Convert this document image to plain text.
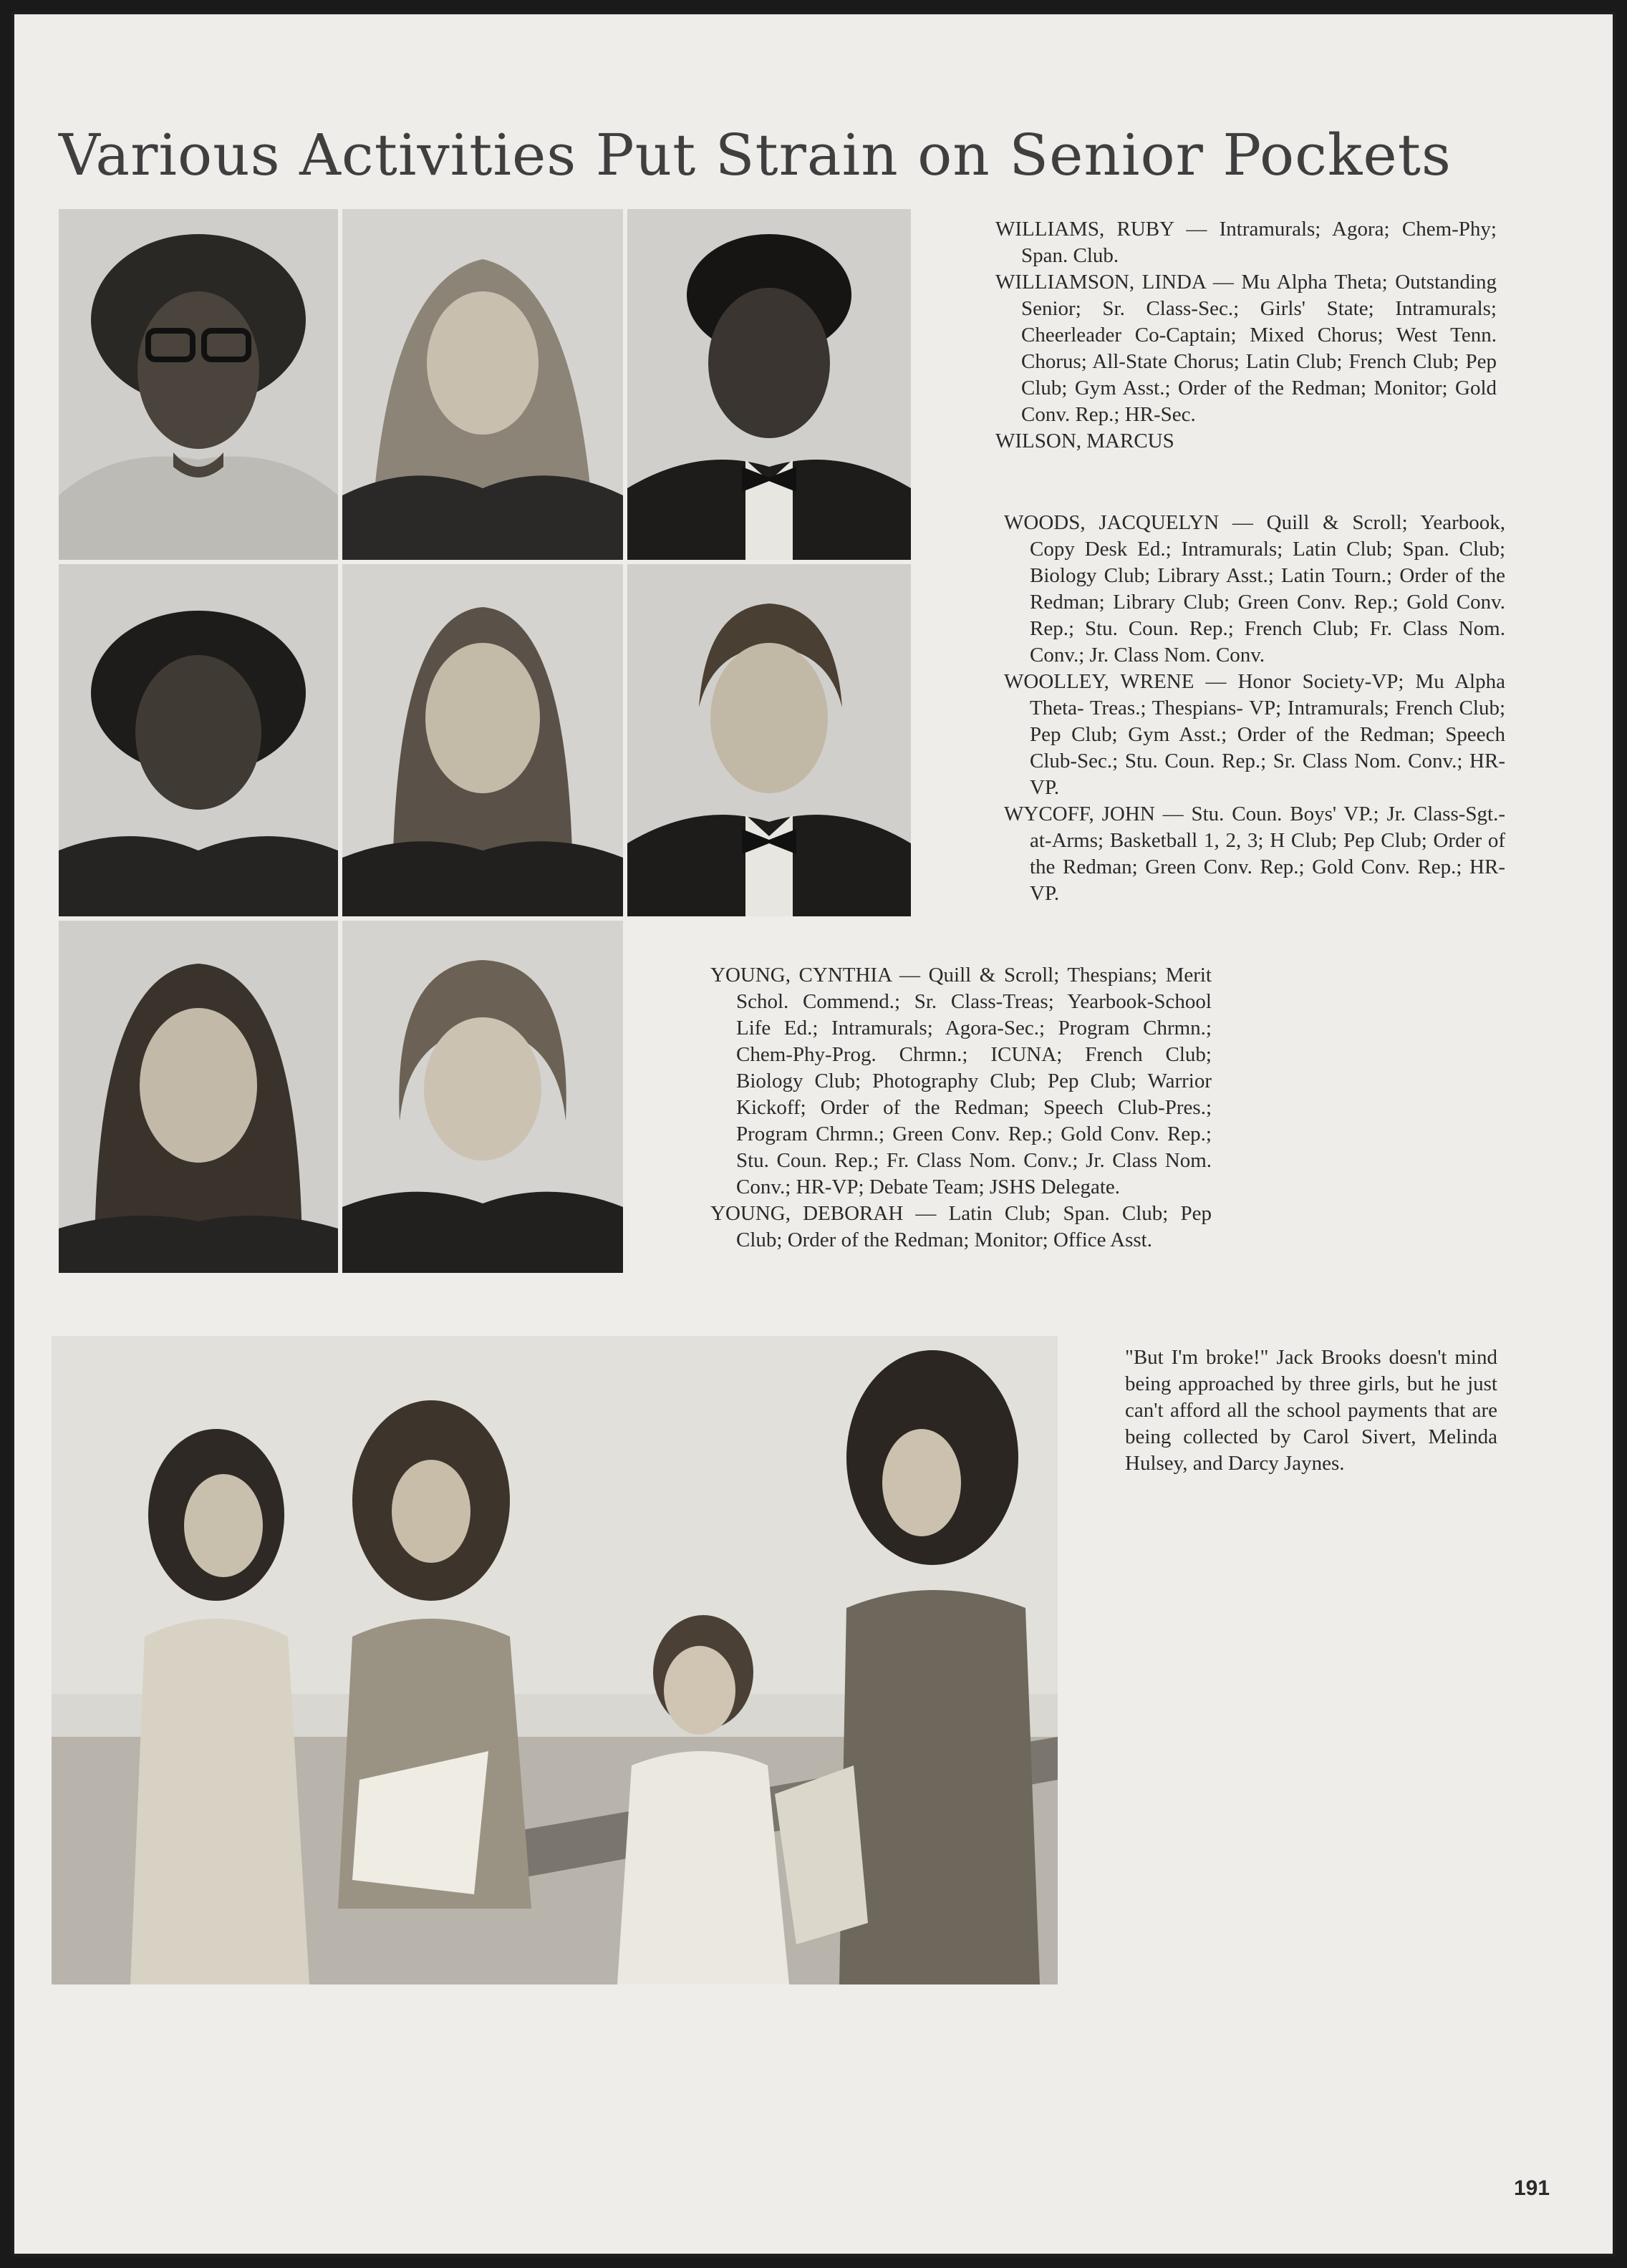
Various Activities Put Strain on Senior Pockets

WILLIAMS, RUBY — Intramurals; Agora; Chem-Phy; Span. Club.

WILLIAMSON, LINDA — Mu Alpha Theta; Outstanding Senior; Sr. Class-Sec.; Girls' State; Intramurals; Cheerleader Co-Captain; Mixed Chorus; West Tenn. Chorus; All-State Chorus; Latin Club; French Club; Pep Club; Gym Asst.; Order of the Redman; Monitor; Gold Conv. Rep.; HR-Sec.

WILSON, MARCUS

WOODS, JACQUELYN — Quill & Scroll; Yearbook, Copy Desk Ed.; Intramurals; Latin Club; Span. Club; Biology Club; Library Asst.; Latin Tourn.; Order of the Redman; Library Club; Green Conv. Rep.; Gold Conv. Rep.; Stu. Coun. Rep.; French Club; Fr. Class Nom. Conv.; Jr. Class Nom. Conv.

WOOLLEY, WRENE — Honor Society-VP; Mu Alpha Theta- Treas.; Thespians- VP; Intramurals; French Club; Pep Club; Gym Asst.; Order of the Redman; Speech Club-Sec.; Stu. Coun. Rep.; Sr. Class Nom. Conv.; HR-VP.

WYCOFF, JOHN — Stu. Coun. Boys' VP.; Jr. Class-Sgt.-at-Arms; Basketball 1, 2, 3; H Club; Pep Club; Order of the Redman; Green Conv. Rep.; Gold Conv. Rep.; HR-VP.

YOUNG, CYNTHIA — Quill & Scroll; Thespians; Merit Schol. Commend.; Sr. Class-Treas; Yearbook-School Life Ed.; Intramurals; Agora-Sec.; Program Chrmn.; Chem-Phy-Prog. Chrmn.; ICUNA; French Club; Biology Club; Photography Club; Pep Club; Warrior Kickoff; Order of the Redman; Speech Club-Pres.; Program Chrmn.; Green Conv. Rep.; Gold Conv. Rep.; Stu. Coun. Rep.; Fr. Class Nom. Conv.; Jr. Class Nom. Conv.; HR-VP; Debate Team; JSHS Delegate.

YOUNG, DEBORAH — Latin Club; Span. Club; Pep Club; Order of the Redman; Monitor; Office Asst.

"But I'm broke!" Jack Brooks doesn't mind being approached by three girls, but he just can't afford all the school payments that are being collected by Carol Sivert, Melinda Hulsey, and Darcy Jaynes.

191
